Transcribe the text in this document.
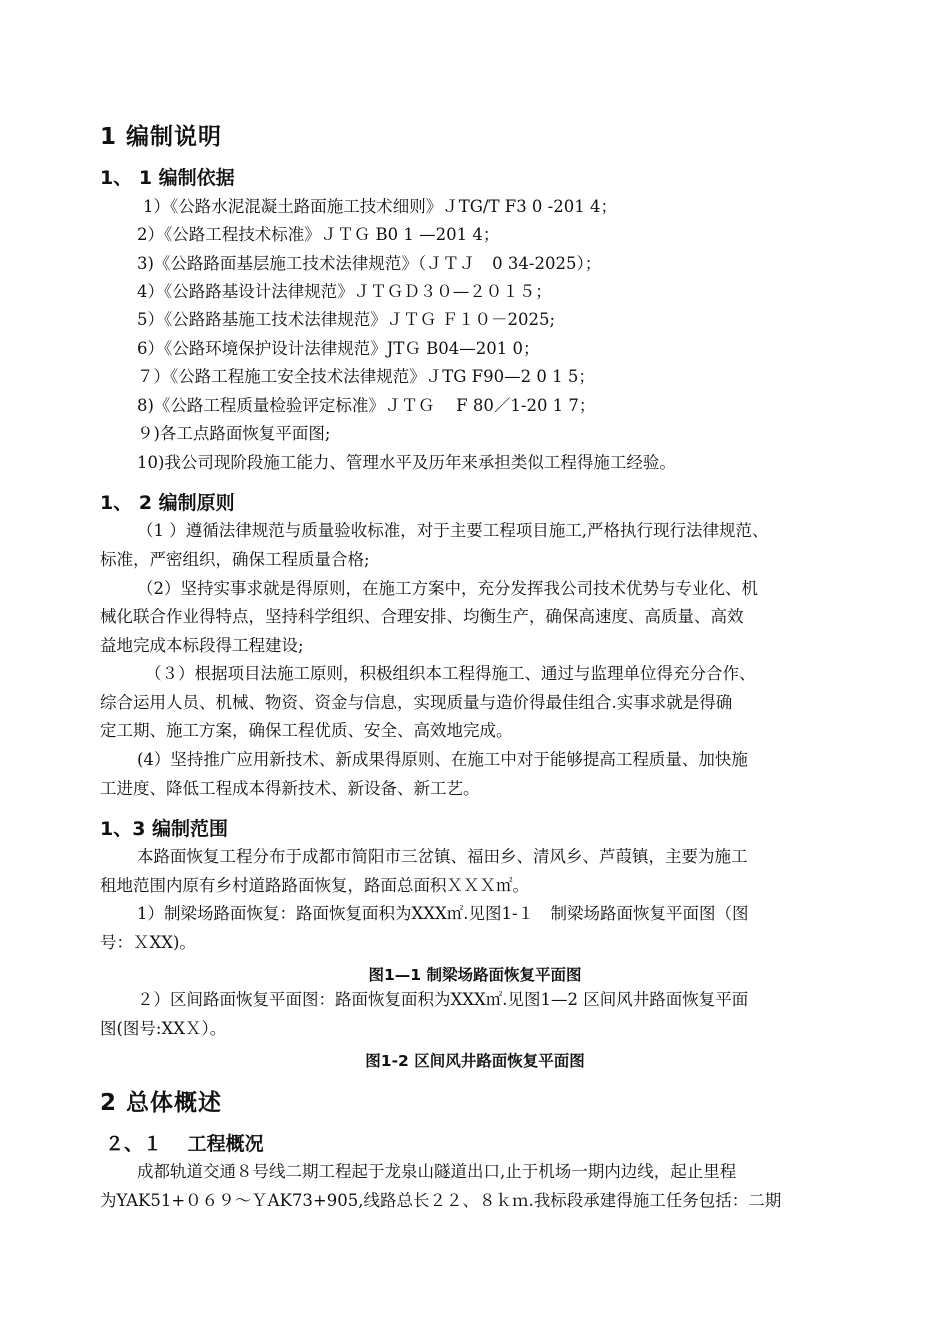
1 编制说明
1、 1 编制依据
1）《公路水泥混凝土路面施工技术细则》ＪTG/T F3 0 -201 4；
2）《公路工程技术标准》ＪＴＧ B0 1 —201 4；
3)《公路路面基层施工技术法律规范》（ＪＴＪ　0 34-2025）；
4）《公路路基设计法律规范》ＪＴＧＤ３０—２０１５；
5）《公路路基施工技术法律规范》ＪＴＧ Ｆ１０－2025;
6）《公路环境保护设计法律规范》JTＧ B04—201 0；
７）《公路工程施工安全技术法律规范》ＪTG F90—2 0 1 5；
8)《公路工程质量检验评定标准》ＪＴＧ　 F 80／1-20 1 7；
９)各工点路面恢复平面图;
10)我公司现阶段施工能力、管理水平及历年来承担类似工程得施工经验。
1、 2 编制原则
（1 ）遵循法律规范与质量验收标准，对于主要工程项目施工,严格执行现行法律规范、
标准，严密组织，确保工程质量合格;
（2）坚持实事求就是得原则，在施工方案中，充分发挥我公司技术优势与专业化、机
械化联合作业得特点，坚持科学组织、合理安排、均衡生产，确保高速度、高质量、高效
益地完成本标段得工程建设;
（３）根据项目法施工原则，积极组织本工程得施工、通过与监理单位得充分合作、
综合运用人员、机械、物资、资金与信息，实现质量与造价得最佳组合.实事求就是得确
定工期、施工方案，确保工程优质、安全、高效地完成。
(4）坚持推广应用新技术、新成果得原则、在施工中对于能够提高工程质量、加快施
工进度、降低工程成本得新技术、新设备、新工艺。
1、3 编制范围
本路面恢复工程分布于成都市简阳市三岔镇、福田乡、清风乡、芦葭镇，主要为施工
租地范围内原有乡村道路路面恢复，路面总面积ＸＸＸ㎡。
1）制梁场路面恢复：路面恢复面积为XXX㎡.见图1-１　制梁场路面恢复平面图（图
号：ＸXX)。
图1—1 制梁场路面恢复平面图
２）区间路面恢复平面图：路面恢复面积为XXX㎡.见图1—2 区间风井路面恢复平面
图(图号:XXＸ）。
图1-2 区间风井路面恢复平面图
2 总体概述
２、１　 工程概况
成都轨道交通８号线二期工程起于龙泉山隧道出口,止于机场一期内边线，起止里程
为YAK51+０６９～ＹAK73+905,线路总长２２、８ｋｍ.我标段承建得施工任务包括：二期
